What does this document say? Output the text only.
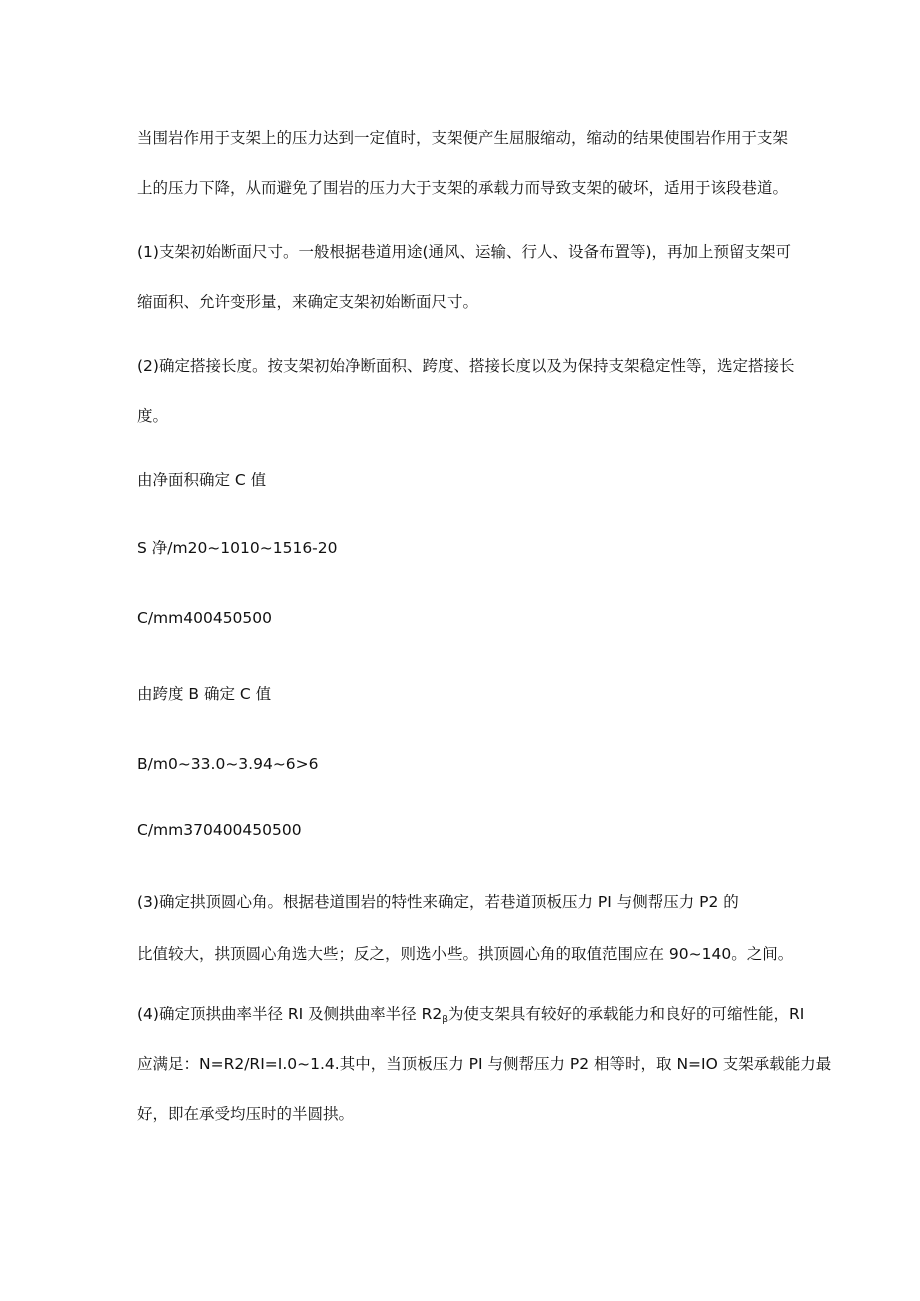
当围岩作用于支架上的压力达到一定值时，支架便产生屈服缩动，缩动的结果使围岩作用于支架
上的压力下降，从而避免了围岩的压力大于支架的承载力而导致支架的破坏，适用于该段巷道。
(1)支架初始断面尺寸。一般根据巷道用途(通风、运输、行人、设备布置等)，再加上预留支架可
缩面积、允许变形量，来确定支架初始断面尺寸。
(2)确定搭接长度。按支架初始净断面积、跨度、搭接长度以及为保持支架稳定性等，选定搭接长
度。
由净面积确定 C 值
S 净/m20~1010~1516-20
C/mm400450500
由跨度 B 确定 C 值
B/m0~33.0~3.94~6>6
C/mm370400450500
(3)确定拱顶圆心角。根据巷道围岩的特性来确定，若巷道顶板压力 PI 与侧帮压力 P2 的
比值较大，拱顶圆心角选大些；反之，则选小些。拱顶圆心角的取值范围应在 90~140。之间。
(4)确定顶拱曲率半径 RI 及侧拱曲率半径 $R2_\beta$为使支架具有较好的承载能力和良好的可缩性能，RI
应满足：N=R2/RI=I.0~1.4.其中，当顶板压力 PI 与侧帮压力 P2 相等时，取 N=IO 支架承载能力最
好，即在承受均压时的半圆拱。
